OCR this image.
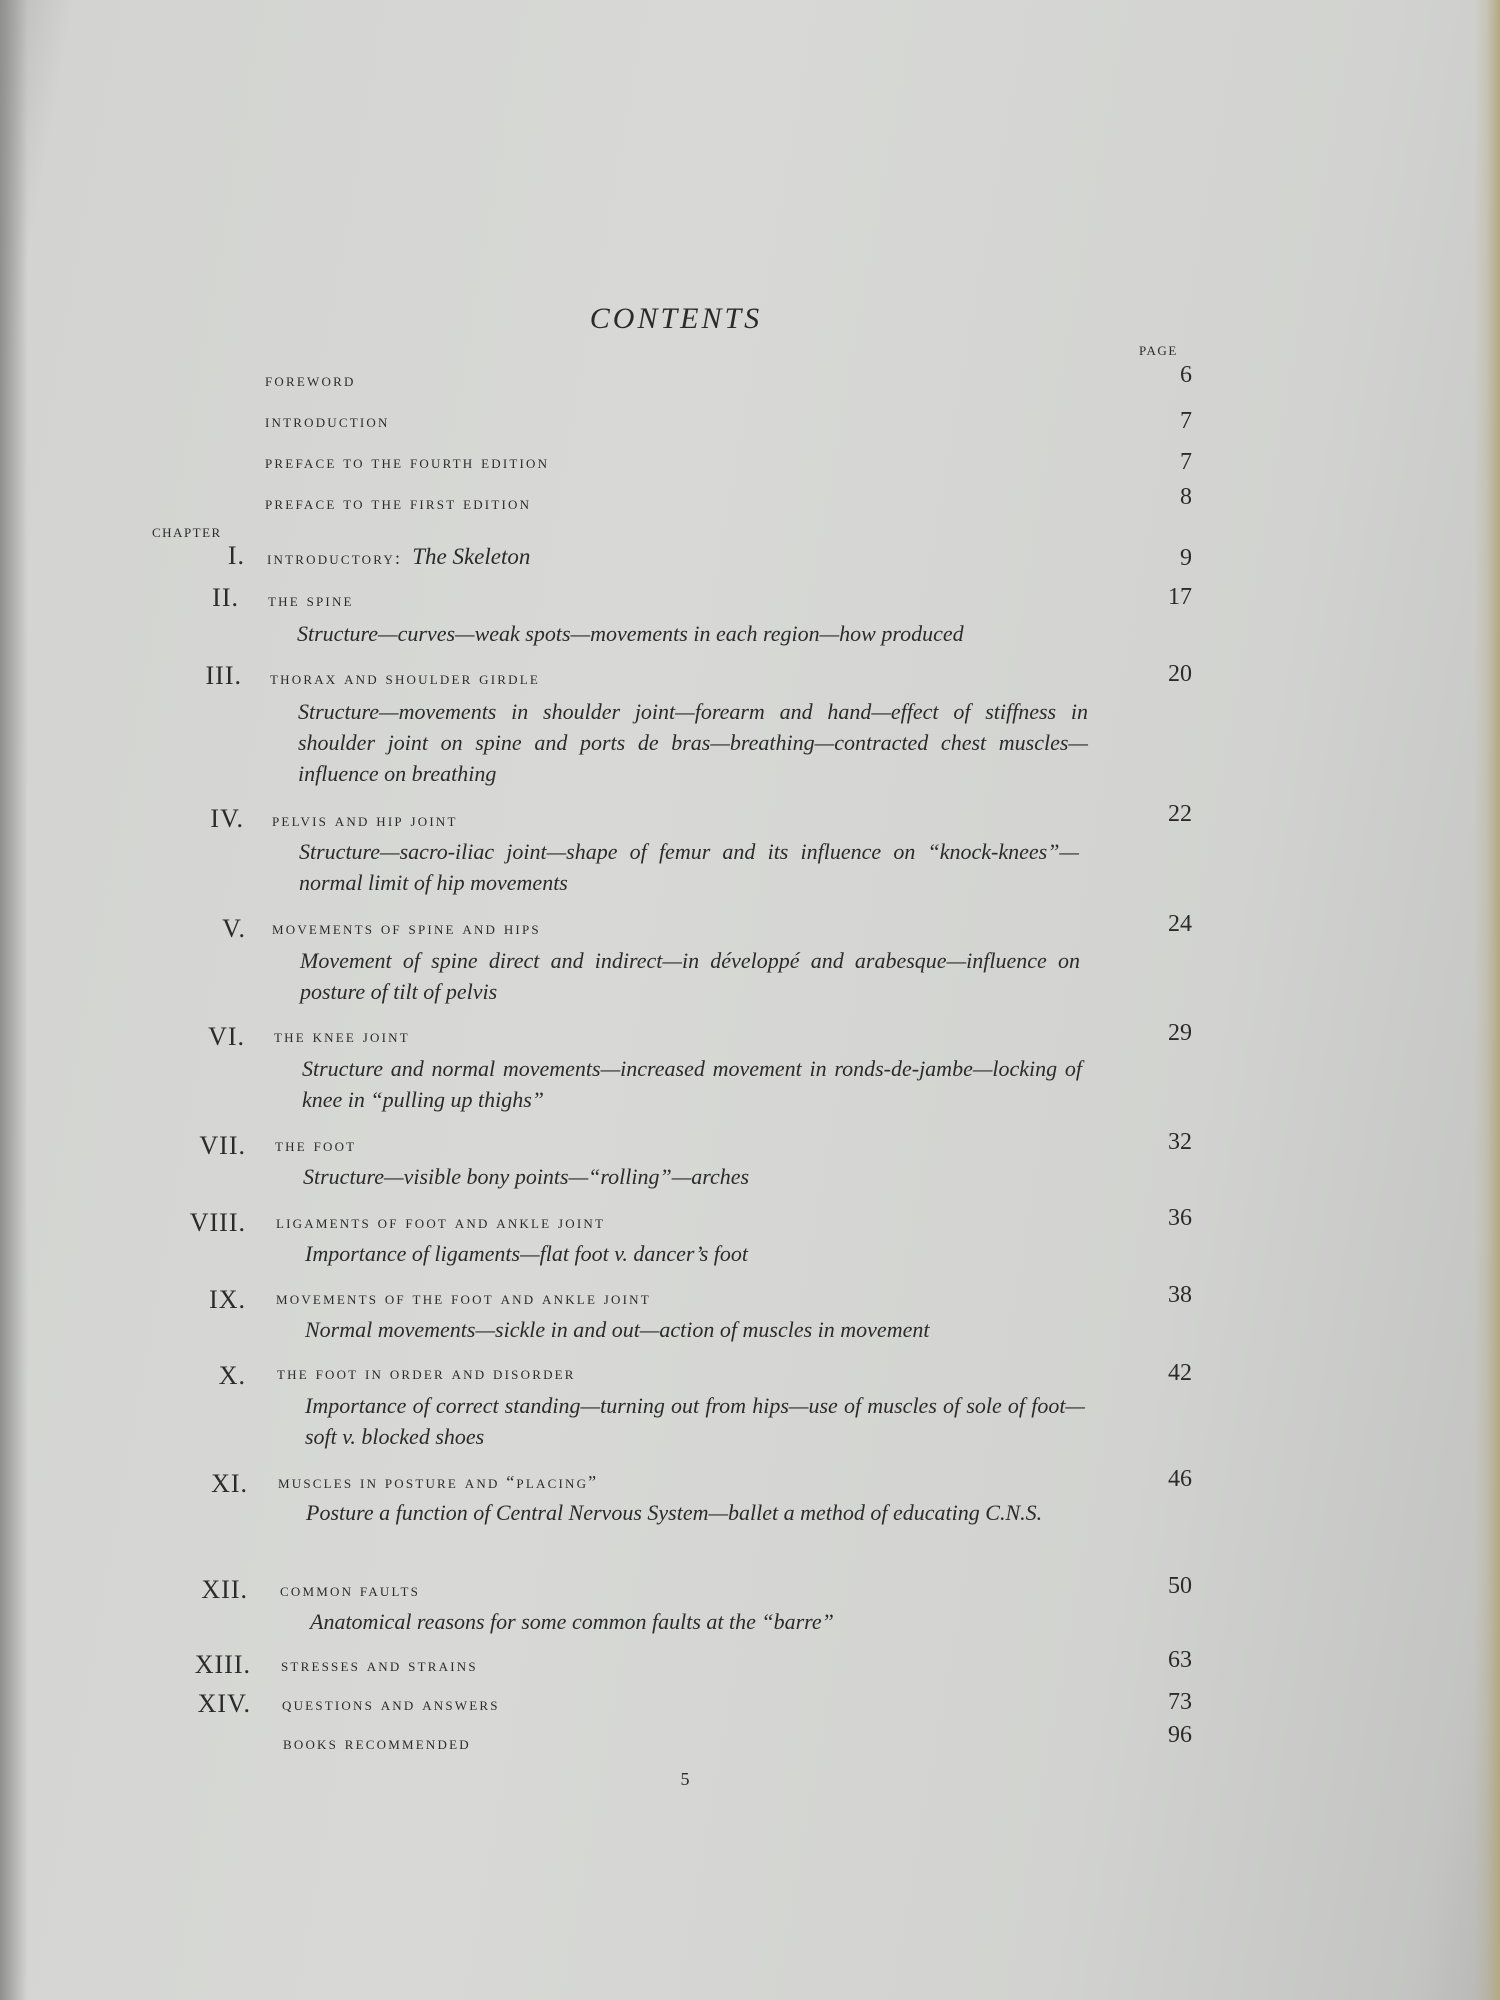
CONTENTS
PAGE
CHAPTER
foreword	6
introduction	7
preface to the fourth edition	7
preface to the first edition	8
I. introductory: The Skeleton	9
II. the spine	17
Structure—curves—weak spots—movements in each region—how produced
III. thorax and shoulder girdle	20
Structure—movements in shoulder joint—forearm and hand—effect of stiffness in shoulder joint on spine and ports de bras—breathing—contracted chest muscles—influence on breathing
IV. pelvis and hip joint	22
Structure—sacro-iliac joint—shape of femur and its influence on “knock-knees”—normal limit of hip movements
V. movements of spine and hips	24
Movement of spine direct and indirect—in développé and arabesque—influence on posture of tilt of pelvis
VI. the knee joint	29
Structure and normal movements—increased movement in ronds-de-jambe—locking of knee in “pulling up thighs”
VII. the foot	32
Structure—visible bony points—“rolling”—arches
VIII. ligaments of foot and ankle joint	36
Importance of ligaments—flat foot v. dancer’s foot
IX. movements of the foot and ankle joint	38
Normal movements—sickle in and out—action of muscles in movement
X. the foot in order and disorder	42
Importance of correct standing—turning out from hips—use of muscles of sole of foot—soft v. blocked shoes
XI. muscles in posture and “placing”	46
Posture a function of Central Nervous System—ballet a method of educating C.N.S.
XII. common faults	50
Anatomical reasons for some common faults at the “barre”
XIII. stresses and strains	63
XIV. questions and answers	73
books recommended	96
5
